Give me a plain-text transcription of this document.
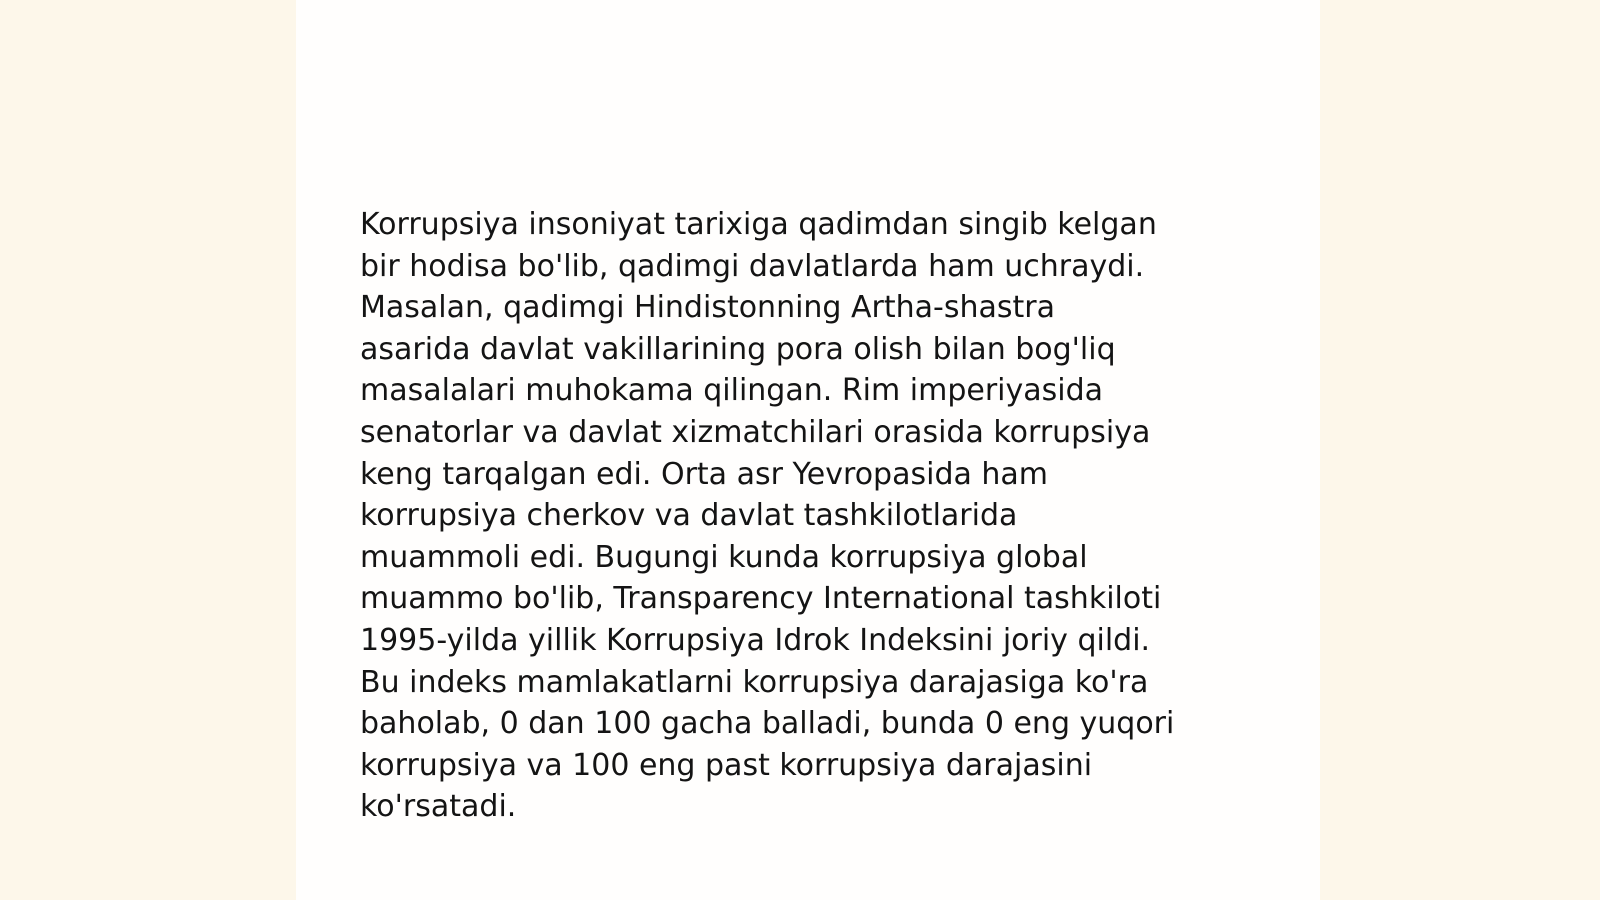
Korrupsiya insoniyat tarixiga qadimdan singib kelgan
bir hodisa bo'lib, qadimgi davlatlarda ham uchraydi.
Masalan, qadimgi Hindistonning Artha-shastra
asarida davlat vakillarining pora olish bilan bog'liq
masalalari muhokama qilingan. Rim imperiyasida
senatorlar va davlat xizmatchilari orasida korrupsiya
keng tarqalgan edi. Orta asr Yevropasida ham
korrupsiya cherkov va davlat tashkilotlarida
muammoli edi. Bugungi kunda korrupsiya global
muammo bo'lib, Transparency International tashkiloti
1995-yilda yillik Korrupsiya Idrok Indeksini joriy qildi.
Bu indeks mamlakatlarni korrupsiya darajasiga ko'ra
baholab, 0 dan 100 gacha balladi, bunda 0 eng yuqori
korrupsiya va 100 eng past korrupsiya darajasini
ko'rsatadi.
